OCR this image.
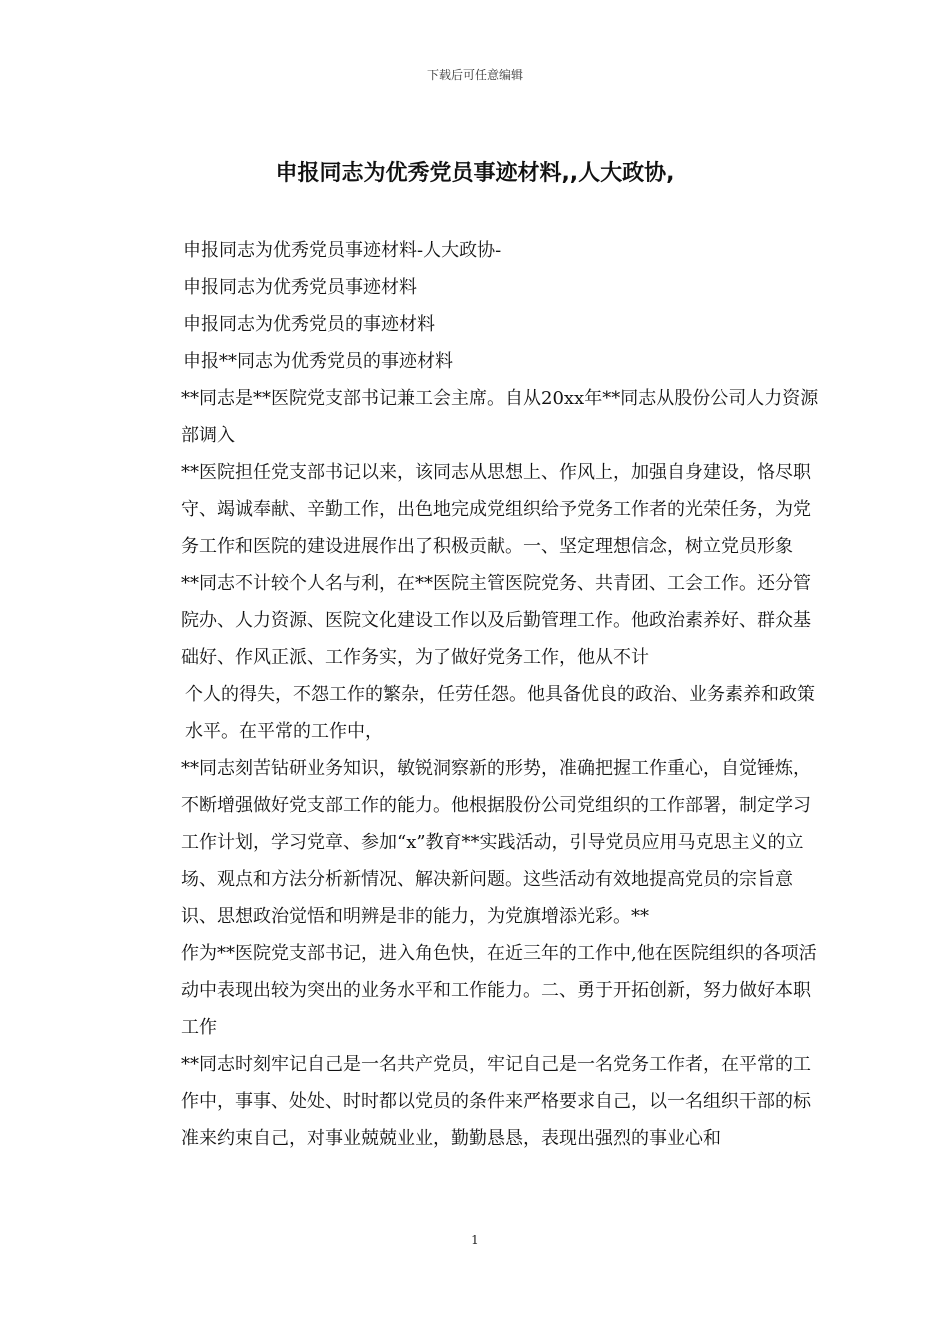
下载后可任意编辑
申报同志为优秀党员事迹材料,,人大政协,

申报同志为优秀党员事迹材料-人大政协-

申报同志为优秀党员事迹材料

申报同志为优秀党员的事迹材料

申报**同志为优秀党员的事迹材料

**同志是**医院党支部书记兼工会主席。自从20xx年**同志从股份公司人力资源部调入

**医院担任党支部书记以来，该同志从思想上、作风上，加强自身建设，恪尽职守、竭诚奉献、辛勤工作，出色地完成党组织给予党务工作者的光荣任务，为党务工作和医院的建设进展作出了积极贡献。一、坚定理想信念，树立党员形象

**同志不计较个人名与利，在**医院主管医院党务、共青团、工会工作。还分管院办、人力资源、医院文化建设工作以及后勤管理工作。他政治素养好、群众基础好、作风正派、工作务实，为了做好党务工作，他从不计

个人的得失，不怨工作的繁杂，任劳任怨。他具备优良的政治、业务素养和政策水平。在平常的工作中，

**同志刻苦钻研业务知识，敏锐洞察新的形势，准确把握工作重心，自觉锤炼，不断增强做好党支部工作的能力。他根据股份公司党组织的工作部署，制定学习工作计划，学习党章、参加“x”教育**实践活动，引导党员应用马克思主义的立场、观点和方法分析新情况、解决新问题。这些活动有效地提高党员的宗旨意识、思想政治觉悟和明辨是非的能力，为党旗增添光彩。**

作为**医院党支部书记，进入角色快，在近三年的工作中,他在医院组织的各项活动中表现出较为突出的业务水平和工作能力。二、勇于开拓创新，努力做好本职工作

**同志时刻牢记自己是一名共产党员，牢记自己是一名党务工作者，在平常的工作中，事事、处处、时时都以党员的条件来严格要求自己，以一名组织干部的标准来约束自己，对事业兢兢业业，勤勤恳恳，表现出强烈的事业心和

1
